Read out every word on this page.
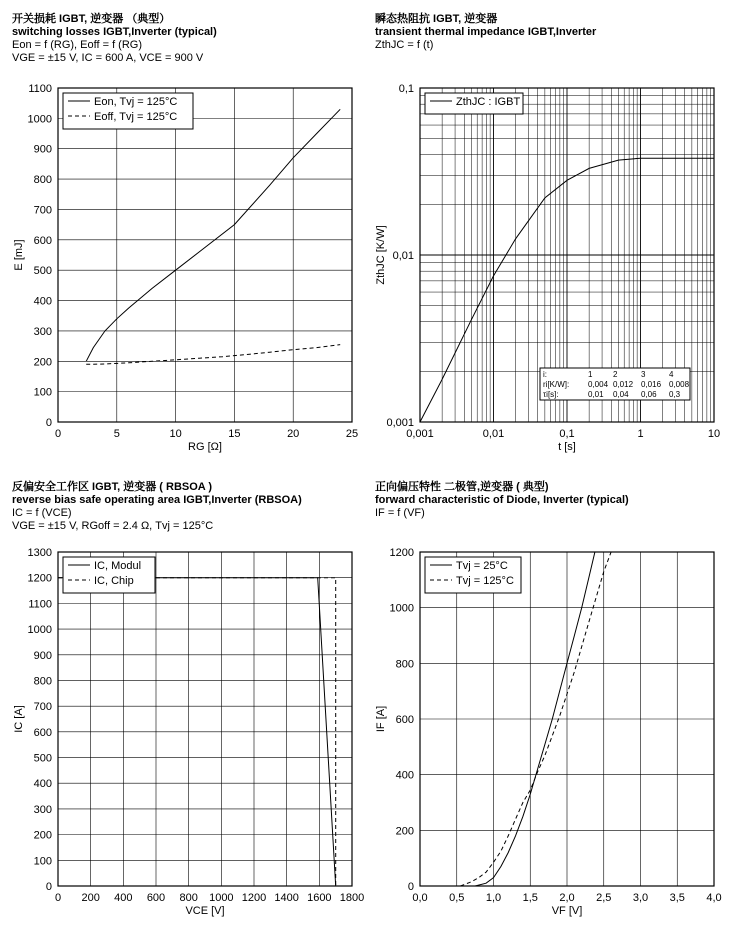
开关损耗 IGBT, 逆变器 （典型）
switching losses IGBT,Inverter (typical)
Eon = f (RG), Eoff = f (RG)
VGE = ±15 V, IC = 600 A, VCE = 900 V
0	5	10	15	20	25
0
100
200
300
400
500
600
700
800
900
1000
1100
RG [Ω]
E [mJ]
Eon, Tvj = 125°C
Eoff, Tvj = 125°C
瞬态热阻抗 IGBT, 逆变器
transient thermal impedance IGBT,Inverter
ZthJC = f (t)
0,001	0,01	0,1	1	10
0,001
0,01
0,1
t [s]
ZthJC [K/W]
ZthJC : IGBT
i:	1	2	3	4
ri[K/W]: 0,004 0,012 0,016 0,008
τi[s]:	0,01 0,04 0,06 0,3
反偏安全工作区 IGBT, 逆变器 ( RBSOA )
reverse bias safe operating area IGBT,Inverter (RBSOA)
IC = f (VCE)
VGE = ±15 V, RGoff = 2.4 Ω, Tvj = 125°C
0 200 400 600 800 1000 1200 1400 1600 1800
0
100
200
300
400
500
600
700
800
900
1000
1100
1200
1300
VCE [V]
IC [A]
IC, Modul
IC, Chip
正向偏压特性 二极管,逆变器 ( 典型)
forward characteristic of Diode, Inverter (typical)
IF = f (VF)
0,0 0,5 1,0 1,5 2,0 2,5 3,0 3,5 4,0
0
200
400
600
800
1000
1200
VF [V]
IF [A]
Tvj = 25°C
Tvj = 125°C
